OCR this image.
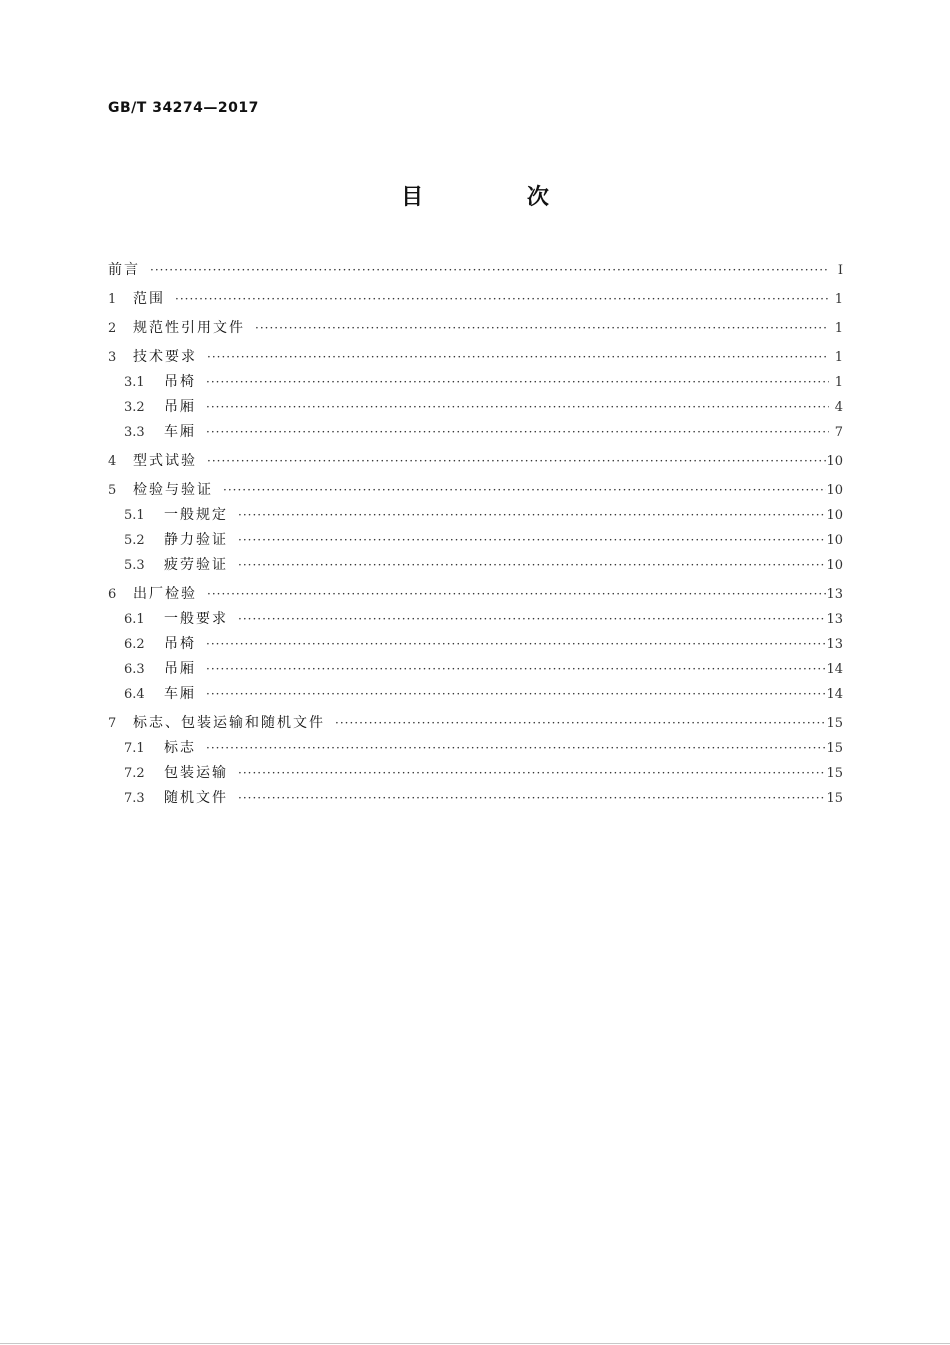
GB/T 34274—2017
目 次
前言 ·····	Ⅰ
1	范围 ·····	1
2	规范性引用文件 ·····	1
3	技术要求 ·····	1
3.1	吊椅 ·····	1
3.2	吊厢 ·····	4
3.3	车厢 ·····	7
4	型式试验 ·····	10
5	检验与验证 ·····	10
5.1	一般规定 ·····	10
5.2	静力验证 ·····	10
5.3	疲劳验证 ·····	10
6	出厂检验 ·····	13
6.1	一般要求 ·····	13
6.2	吊椅 ·····	13
6.3	吊厢 ·····	14
6.4	车厢 ·····	14
7	标志、包装运输和随机文件 ·····	15
7.1	标志 ·····	15
7.2	包装运输 ·····	15
7.3	随机文件 ·····	15
